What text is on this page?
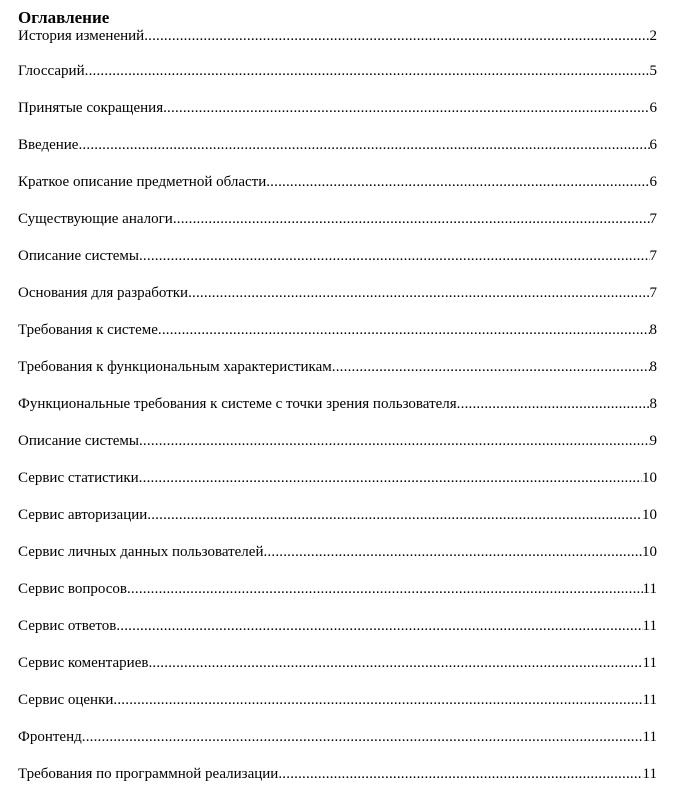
Оглавление
История изменений .....	2
Глоссарий .....	5
Принятые сокращения .....	6
Введение .....	6
Краткое описание предметной области .....	6
Существующие аналоги .....	7
Описание системы .....	7
Основания для разработки .....	7
Требования к системе .....	8
Требования к функциональным характеристикам .....	8
Функциональные требования к системе с точки зрения пользователя .....	8
Описание системы .....	9
Сервис статистики .....	10
Сервис авторизации .....	10
Сервис личных данных пользователей .....	10
Сервис вопросов .....	11
Сервис ответов .....	11
Сервис коментариев .....	11
Сервис оценки .....	11
Фронтенд .....	11
Требования по программной реализации .....	11
